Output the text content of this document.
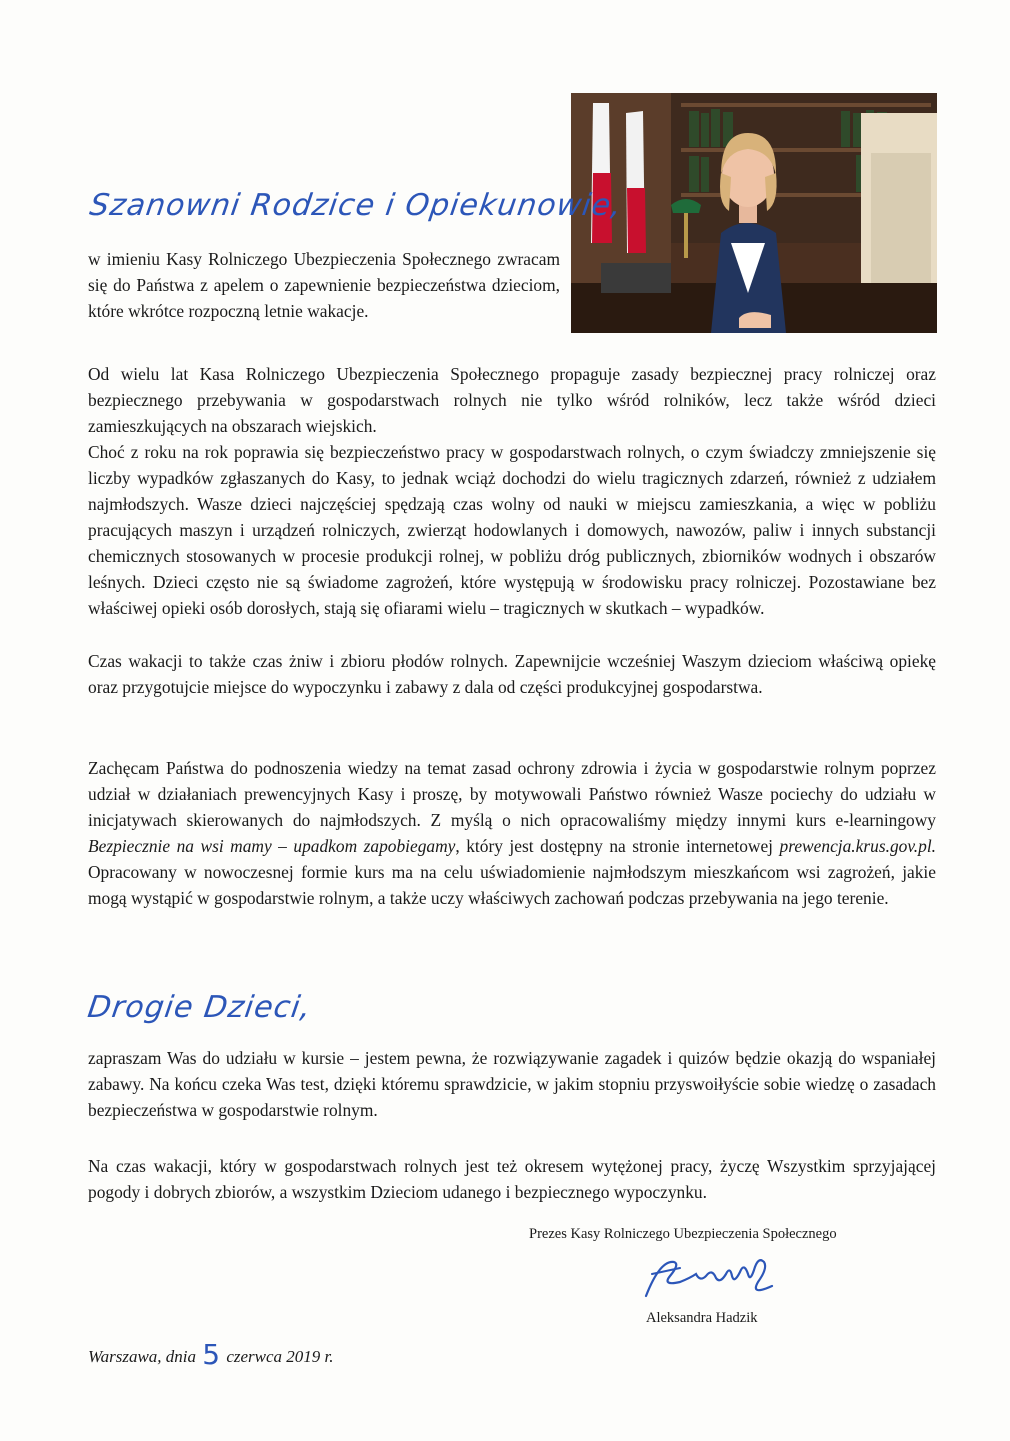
Szanowni Rodzice i Opiekunowie,

w imieniu Kasy Rolniczego Ubezpieczenia Społecznego zwracam się do Państwa z apelem o zapewnienie bezpieczeństwa dzieciom, które wkrótce rozpoczną letnie wakacje.

Od wielu lat Kasa Rolniczego Ubezpieczenia Społecznego propaguje zasady bezpiecznej pracy rolniczej oraz bezpiecznego przebywania w gospodarstwach rolnych nie tylko wśród rolników, lecz także wśród dzieci zamieszkujących na obszarach wiejskich.

Choć z roku na rok poprawia się bezpieczeństwo pracy w gospodarstwach rolnych, o czym świadczy zmniejszenie się liczby wypadków zgłaszanych do Kasy, to jednak wciąż dochodzi do wielu tragicznych zdarzeń, również z udziałem najmłodszych. Wasze dzieci najczęściej spędzają czas wolny od nauki w miejscu zamieszkania, a więc w pobliżu pracujących maszyn i urządzeń rolniczych, zwierząt hodowlanych i domowych, nawozów, paliw i innych substancji chemicznych stosowanych w procesie produkcji rolnej, w pobliżu dróg publicznych, zbiorników wodnych i obszarów leśnych. Dzieci często nie są świadome zagrożeń, które występują w środowisku pracy rolniczej. Pozostawiane bez właściwej opieki osób dorosłych, stają się ofiarami wielu – tragicznych w skutkach – wypadków.

Czas wakacji to także czas żniw i zbioru płodów rolnych. Zapewnijcie wcześniej Waszym dzieciom właściwą opiekę oraz przygotujcie miejsce do wypoczynku i zabawy z dala od części produkcyjnej gospodarstwa.

Zachęcam Państwa do podnoszenia wiedzy na temat zasad ochrony zdrowia i życia w gospodarstwie rolnym poprzez udział w działaniach prewencyjnych Kasy i proszę, by motywowali Państwo również Wasze pociechy do udziału w inicjatywach skierowanych do najmłodszych. Z myślą o nich opracowaliśmy między innymi kurs e-learningowy Bezpiecznie na wsi mamy – upadkom zapobiegamy, który jest dostępny na stronie internetowej prewencja.krus.gov.pl. Opracowany w nowoczesnej formie kurs ma na celu uświadomienie najmłodszym mieszkańcom wsi zagrożeń, jakie mogą wystąpić w gospodarstwie rolnym, a także uczy właściwych zachowań podczas przebywania na jego terenie.

Drogie Dzieci,

zapraszam Was do udziału w kursie – jestem pewna, że rozwiązywanie zagadek i quizów będzie okazją do wspaniałej zabawy. Na końcu czeka Was test, dzięki któremu sprawdzicie, w jakim stopniu przyswoiłyście sobie wiedzę o zasadach bezpieczeństwa w gospodarstwie rolnym.

Na czas wakacji, który w gospodarstwach rolnych jest też okresem wytężonej pracy, życzę Wszystkim sprzyjającej pogody i dobrych zbiorów, a wszystkim Dzieciom udanego i bezpiecznego wypoczynku.

Prezes Kasy Rolniczego Ubezpieczenia Społecznego
Aleksandra Hadzik
Warszawa, dnia 5 czerwca 2019 r.
